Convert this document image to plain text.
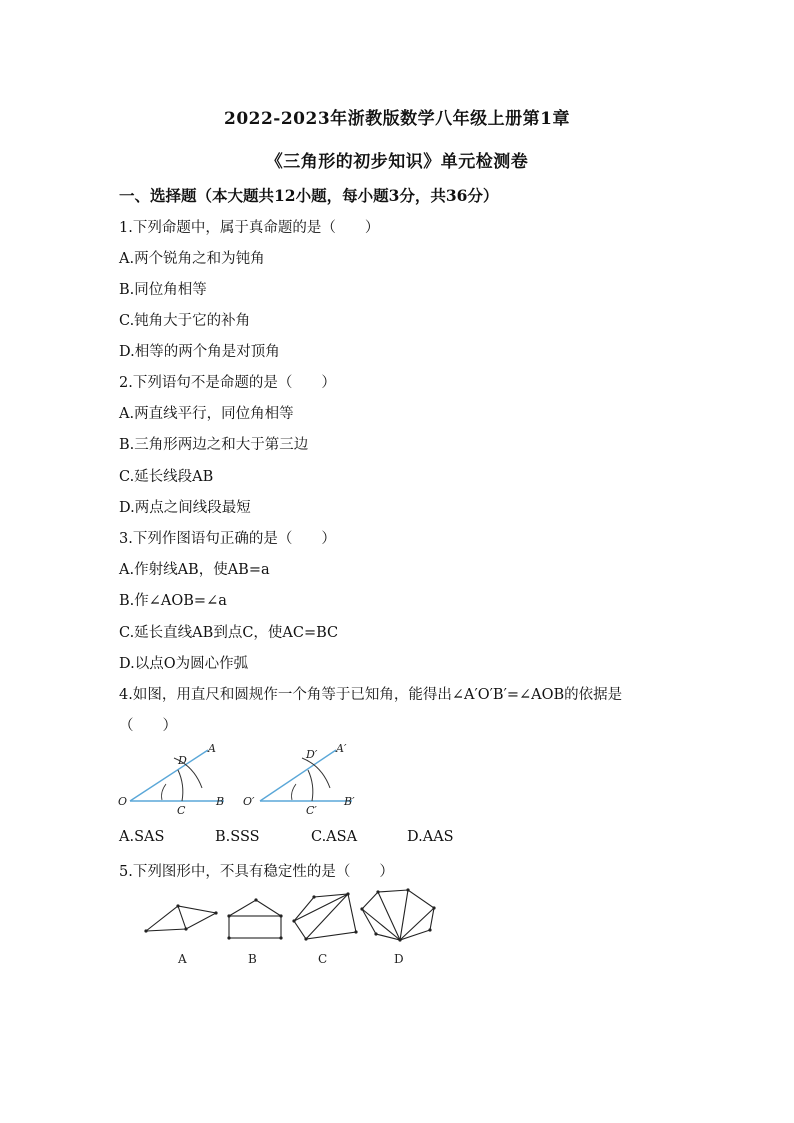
2022-2023年浙教版数学八年级上册第1章
《三角形的初步知识》单元检测卷
一、选择题（本大题共12小题，每小题3分，共36分）
1.下列命题中，属于真命题的是（　　）
A.两个锐角之和为钝角
B.同位角相等
C.钝角大于它的补角
D.相等的两个角是对顶角
2.下列语句不是命题的是（　　）
A.两直线平行，同位角相等
B.三角形两边之和大于第三边
C.延长线段AB
D.两点之间线段最短
3.下列作图语句正确的是（　　）
A.作射线AB，使AB=a
B.作∠AOB=∠a
C.延长直线AB到点C，使AC=BC
D.以点O为圆心作弧
4.如图，用直尺和圆规作一个角等于已知角，能得出∠A′O′B′=∠AOB的依据是
（　　）
O
A
B
C
D
O′
A′
B′
C′
D′
A.SAS	B.SSS	C.ASA	D.AAS
5.下列图形中，不具有稳定性的是（　　）
A	B	C	D
